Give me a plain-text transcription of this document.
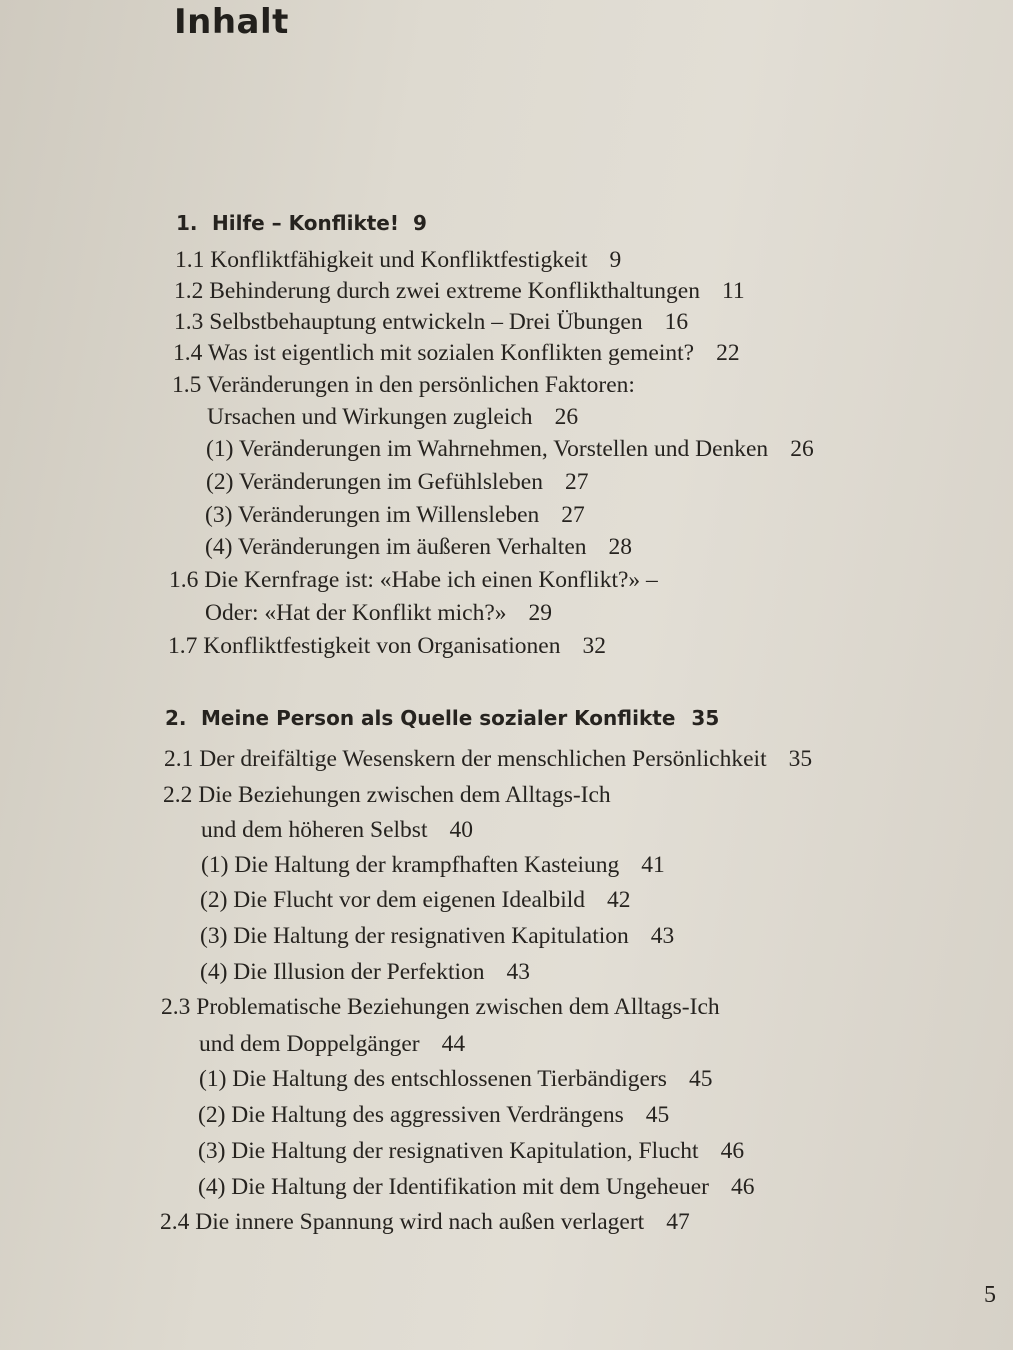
Inhalt
1. Hilfe – Konflikte! 9
1.1 Konfliktfähigkeit und Konfliktfestigkeit 9
1.2 Behinderung durch zwei extreme Konflikthaltungen 11
1.3 Selbstbehauptung entwickeln – Drei Übungen 16
1.4 Was ist eigentlich mit sozialen Konflikten gemeint? 22
1.5 Veränderungen in den persönlichen Faktoren:
Ursachen und Wirkungen zugleich 26
(1) Veränderungen im Wahrnehmen, Vorstellen und Denken 26
(2) Veränderungen im Gefühlsleben 27
(3) Veränderungen im Willensleben 27
(4) Veränderungen im äußeren Verhalten 28
1.6 Die Kernfrage ist: «Habe ich einen Konflikt?» –
Oder: «Hat der Konflikt mich?» 29
1.7 Konfliktfestigkeit von Organisationen 32
2. Meine Person als Quelle sozialer Konflikte 35
2.1 Der dreifältige Wesenskern der menschlichen Persönlichkeit 35
2.2 Die Beziehungen zwischen dem Alltags-Ich
und dem höheren Selbst 40
(1) Die Haltung der krampfhaften Kasteiung 41
(2) Die Flucht vor dem eigenen Idealbild 42
(3) Die Haltung der resignativen Kapitulation 43
(4) Die Illusion der Perfektion 43
2.3 Problematische Beziehungen zwischen dem Alltags-Ich
und dem Doppelgänger 44
(1) Die Haltung des entschlossenen Tierbändigers 45
(2) Die Haltung des aggressiven Verdrängens 45
(3) Die Haltung der resignativen Kapitulation, Flucht 46
(4) Die Haltung der Identifikation mit dem Ungeheuer 46
2.4 Die innere Spannung wird nach außen verlagert 47
5
